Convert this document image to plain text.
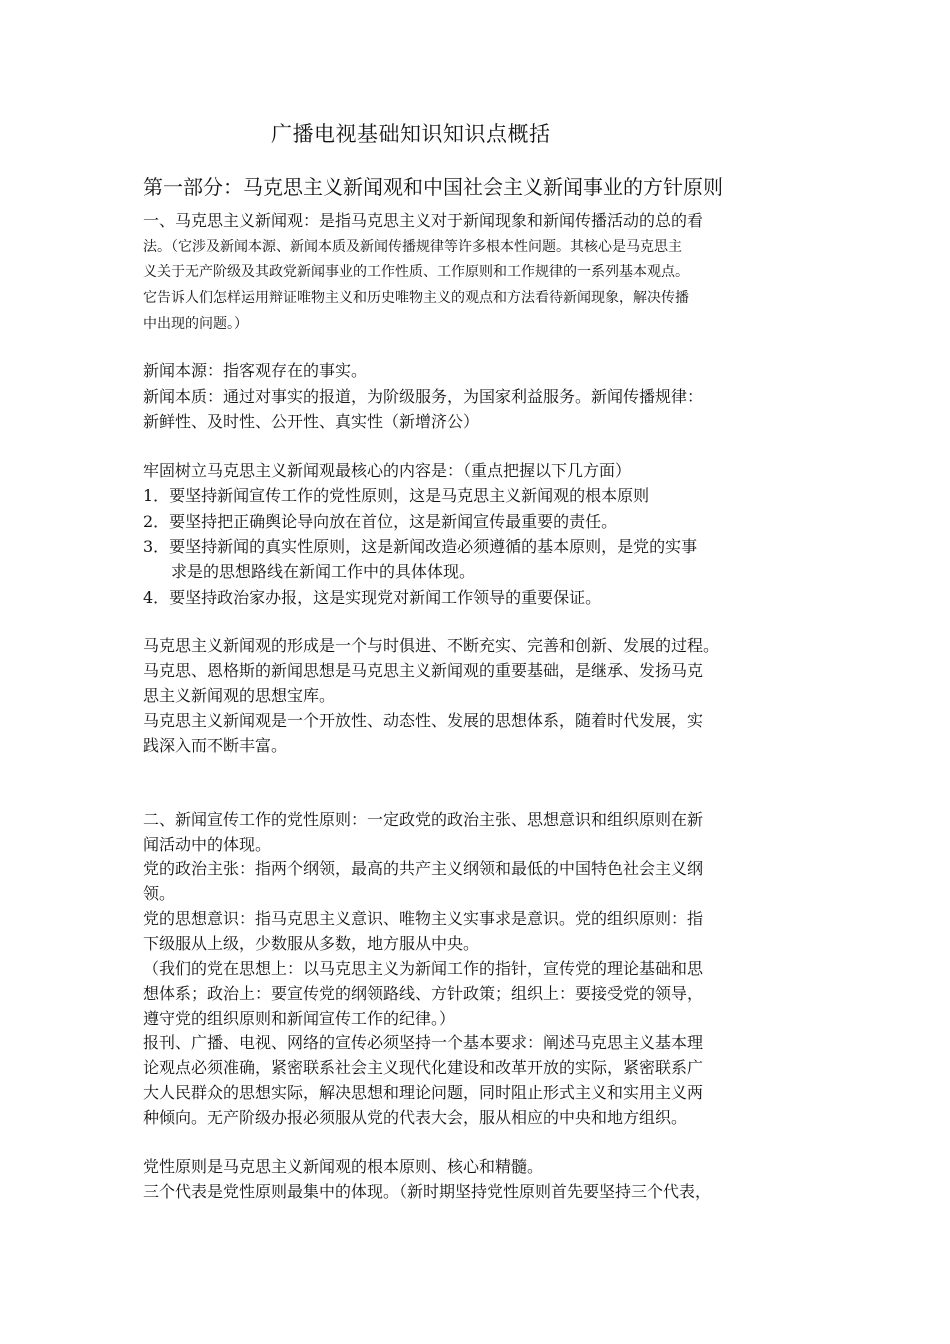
广播电视基础知识知识点概括
第一部分：马克思主义新闻观和中国社会主义新闻事业的方针原则
一、马克思主义新闻观：是指马克思主义对于新闻现象和新闻传播活动的总的看
法。（它涉及新闻本源、新闻本质及新闻传播规律等许多根本性问题。其核心是马克思主
义关于无产阶级及其政党新闻事业的工作性质、工作原则和工作规律的一系列基本观点。
它告诉人们怎样运用辩证唯物主义和历史唯物主义的观点和方法看待新闻现象，解决传播
中出现的问题。）
新闻本源：指客观存在的事实。
新闻本质：通过对事实的报道，为阶级服务，为国家利益服务。新闻传播规律：
新鲜性、及时性、公开性、真实性（新增济公）
牢固树立马克思主义新闻观最核心的内容是：（重点把握以下几方面）
1．要坚持新闻宣传工作的党性原则，这是马克思主义新闻观的根本原则
2．要坚持把正确舆论导向放在首位，这是新闻宣传最重要的责任。
3．要坚持新闻的真实性原则，这是新闻改造必须遵循的基本原则，是党的实事
求是的思想路线在新闻工作中的具体体现。
4．要坚持政治家办报，这是实现党对新闻工作领导的重要保证。
马克思主义新闻观的形成是一个与时俱进、不断充实、完善和创新、发展的过程。
马克思、恩格斯的新闻思想是马克思主义新闻观的重要基础，是继承、发扬马克
思主义新闻观的思想宝库。
马克思主义新闻观是一个开放性、动态性、发展的思想体系，随着时代发展，实
践深入而不断丰富。
二、新闻宣传工作的党性原则：一定政党的政治主张、思想意识和组织原则在新
闻活动中的体现。
党的政治主张：指两个纲领，最高的共产主义纲领和最低的中国特色社会主义纲
领。
党的思想意识：指马克思主义意识、唯物主义实事求是意识。党的组织原则：指
下级服从上级，少数服从多数，地方服从中央。
（我们的党在思想上：以马克思主义为新闻工作的指针，宣传党的理论基础和思
想体系；政治上：要宣传党的纲领路线、方针政策；组织上：要接受党的领导，
遵守党的组织原则和新闻宣传工作的纪律。）
报刊、广播、电视、网络的宣传必须坚持一个基本要求：阐述马克思主义基本理
论观点必须准确，紧密联系社会主义现代化建设和改革开放的实际，紧密联系广
大人民群众的思想实际，解决思想和理论问题，同时阻止形式主义和实用主义两
种倾向。无产阶级办报必须服从党的代表大会，服从相应的中央和地方组织。
党性原则是马克思主义新闻观的根本原则、核心和精髓。
三个代表是党性原则最集中的体现。（新时期坚持党性原则首先要坚持三个代表，
